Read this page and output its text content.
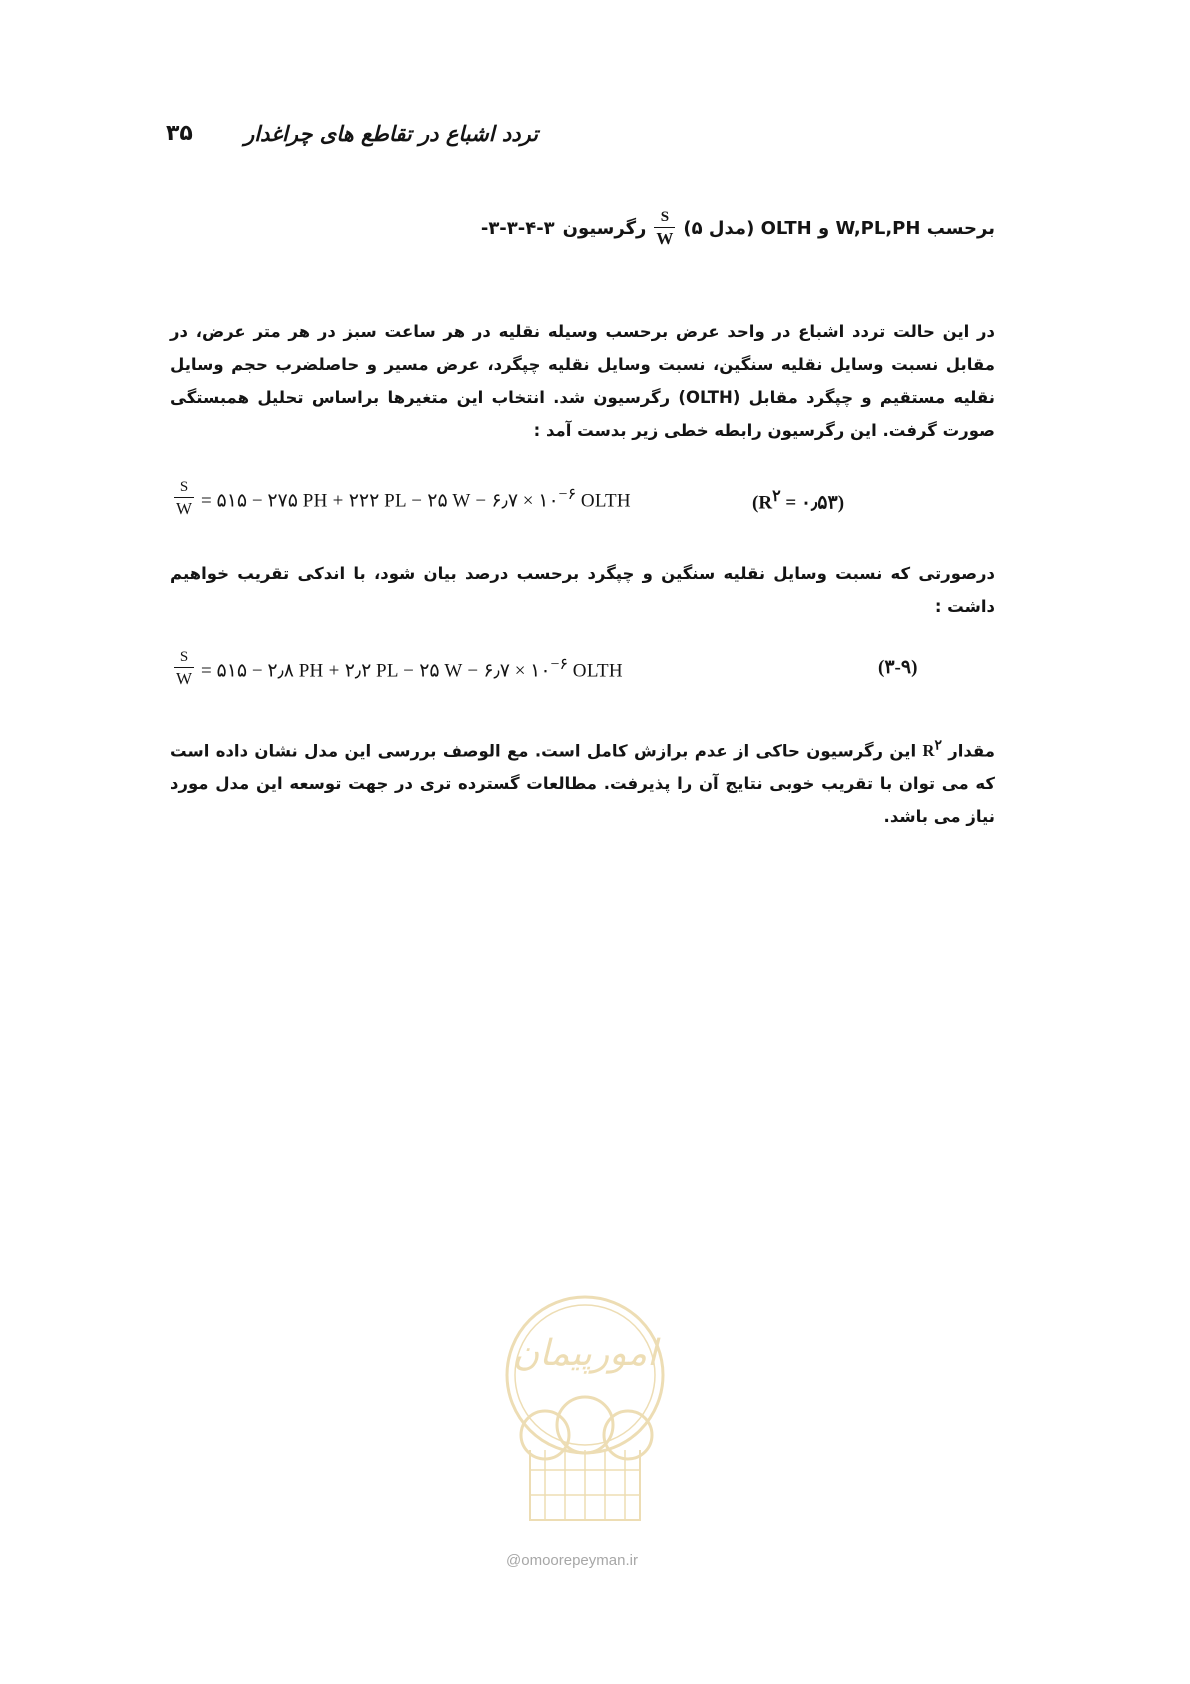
۳۵ تردد اشباع در تقاطع های چراغدار
۳-۳-۴-۳- رگرسیون $\frac{S}{W}$ برحسب W,PL,PH و OLTH (مدل ۵)

در این حالت تردد اشباع در واحد عرض برحسب وسیله نقلیه در هر ساعت سبز در هر متر عرض، در مقابل نسبت وسایل نقلیه سنگین، نسبت وسایل نقلیه چپگرد، عرض مسیر و حاصلضرب حجم وسایل نقلیه مستقیم و چپگرد مقابل (OLTH) رگرسیون شد. انتخاب این متغیرها براساس تحلیل همبستگی صورت گرفت. این رگرسیون رابطه خطی زیر بدست آمد :

$\frac{S}{W}$ = ۵۱۵ − ۲۷۵ PH + ۲۲۲ PL − ۲۵ W − ۶٫۷ × $۱۰^{-۶}$ OLTH	($R^۲$ = ۰٫۵۳)

درصورتی که نسبت وسایل نقلیه سنگین و چپگرد برحسب درصد بیان شود، با اندکی تقریب خواهیم داشت :

$\frac{S}{W}$ = ۵۱۵ − ۲٫۸ PH + ۲٫۲ PL − ۲۵ W − ۶٫۷ × $۱۰^{-۶}$ OLTH	(۳-۹)

مقدار $R^۲$ این رگرسیون حاکی از عدم برازش کامل است. مع الوصف بررسی این مدل نشان داده است که می توان با تقریب خوبی نتایج آن را پذیرفت. مطالعات گسترده تری در جهت توسعه این مدل مورد نیاز می باشد.

امورپیمان
@omoorepeyman.ir
